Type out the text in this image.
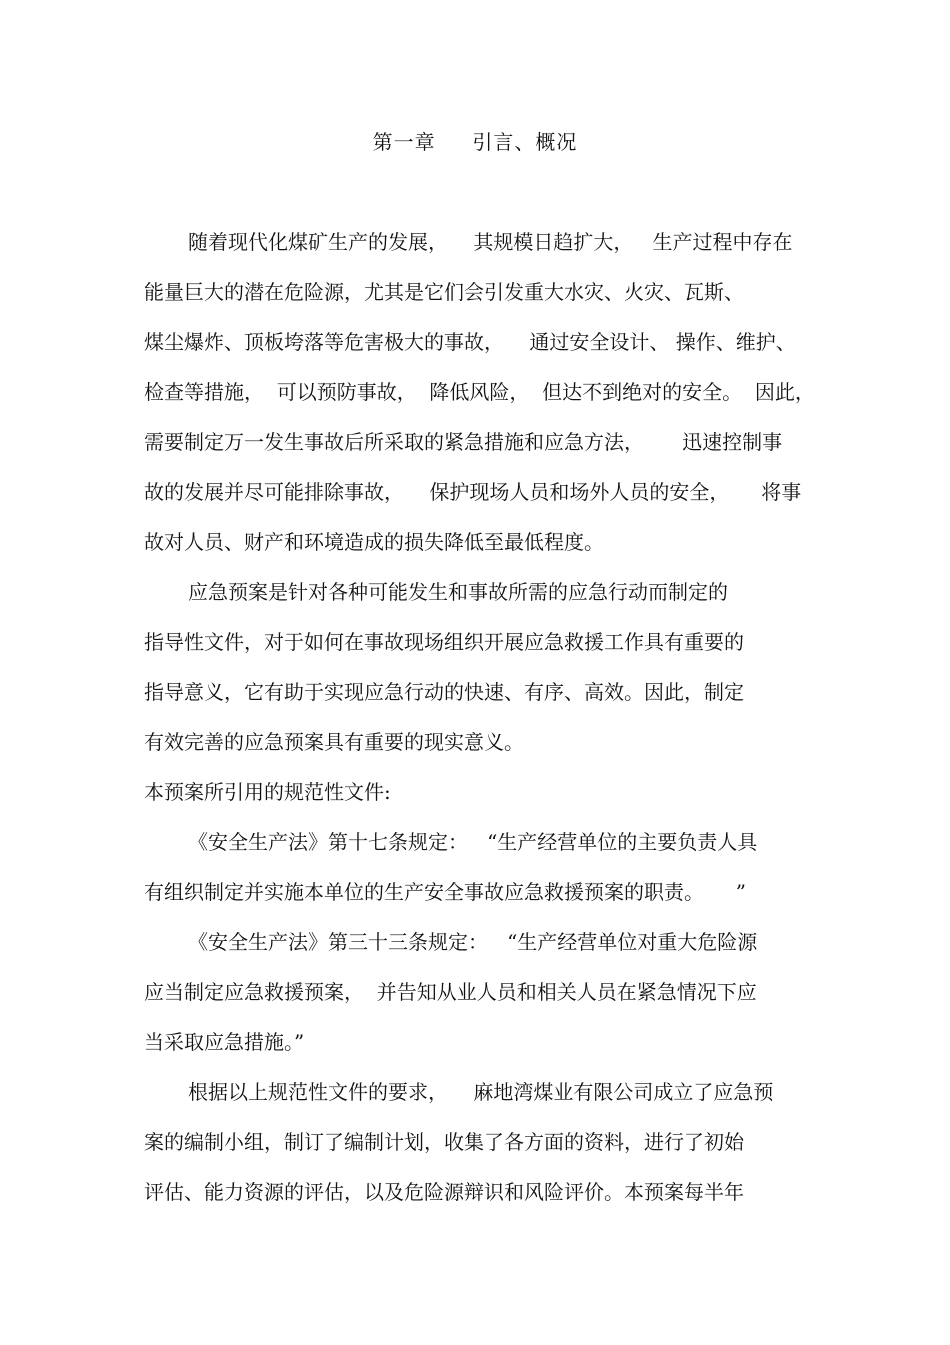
第一章     引言、概况
随着现代化煤矿生产的发展，    其规模日趋扩大，   生产过程中存在
能量巨大的潜在危险源，尤其是它们会引发重大水灾、火灾、瓦斯、
煤尘爆炸、顶板垮落等危害极大的事故，    通过安全设计、 操作、维护、
检查等措施，  可以预防事故，  降低风险，  但达不到绝对的安全。  因此，
需要制定万一发生事故后所采取的紧急措施和应急方法，      迅速控制事
故的发展并尽可能排除事故，    保护现场人员和场外人员的安全，     将事
故对人员、财产和环境造成的损失降低至最低程度。
应急预案是针对各种可能发生和事故所需的应急行动而制定的
指导性文件，对于如何在事故现场组织开展应急救援工作具有重要的
指导意义，它有助于实现应急行动的快速、有序、高效。因此，制定
有效完善的应急预案具有重要的现实意义。
本预案所引用的规范性文件:
《安全生产法》第十七条规定：   “生产经营单位的主要负责人具
有组织制定并实施本单位的生产安全事故应急救援预案的职责。     ”
《安全生产法》第三十三条规定：   “生产经营单位对重大危险源
应当制定应急救援预案，  并告知从业人员和相关人员在紧急情况下应
当采取应急措施。”
根据以上规范性文件的要求，    麻地湾煤业有限公司成立了应急预
案的编制小组，制订了编制计划，收集了各方面的资料，进行了初始
评估、能力资源的评估，以及危险源辩识和风险评价。本预案每半年
